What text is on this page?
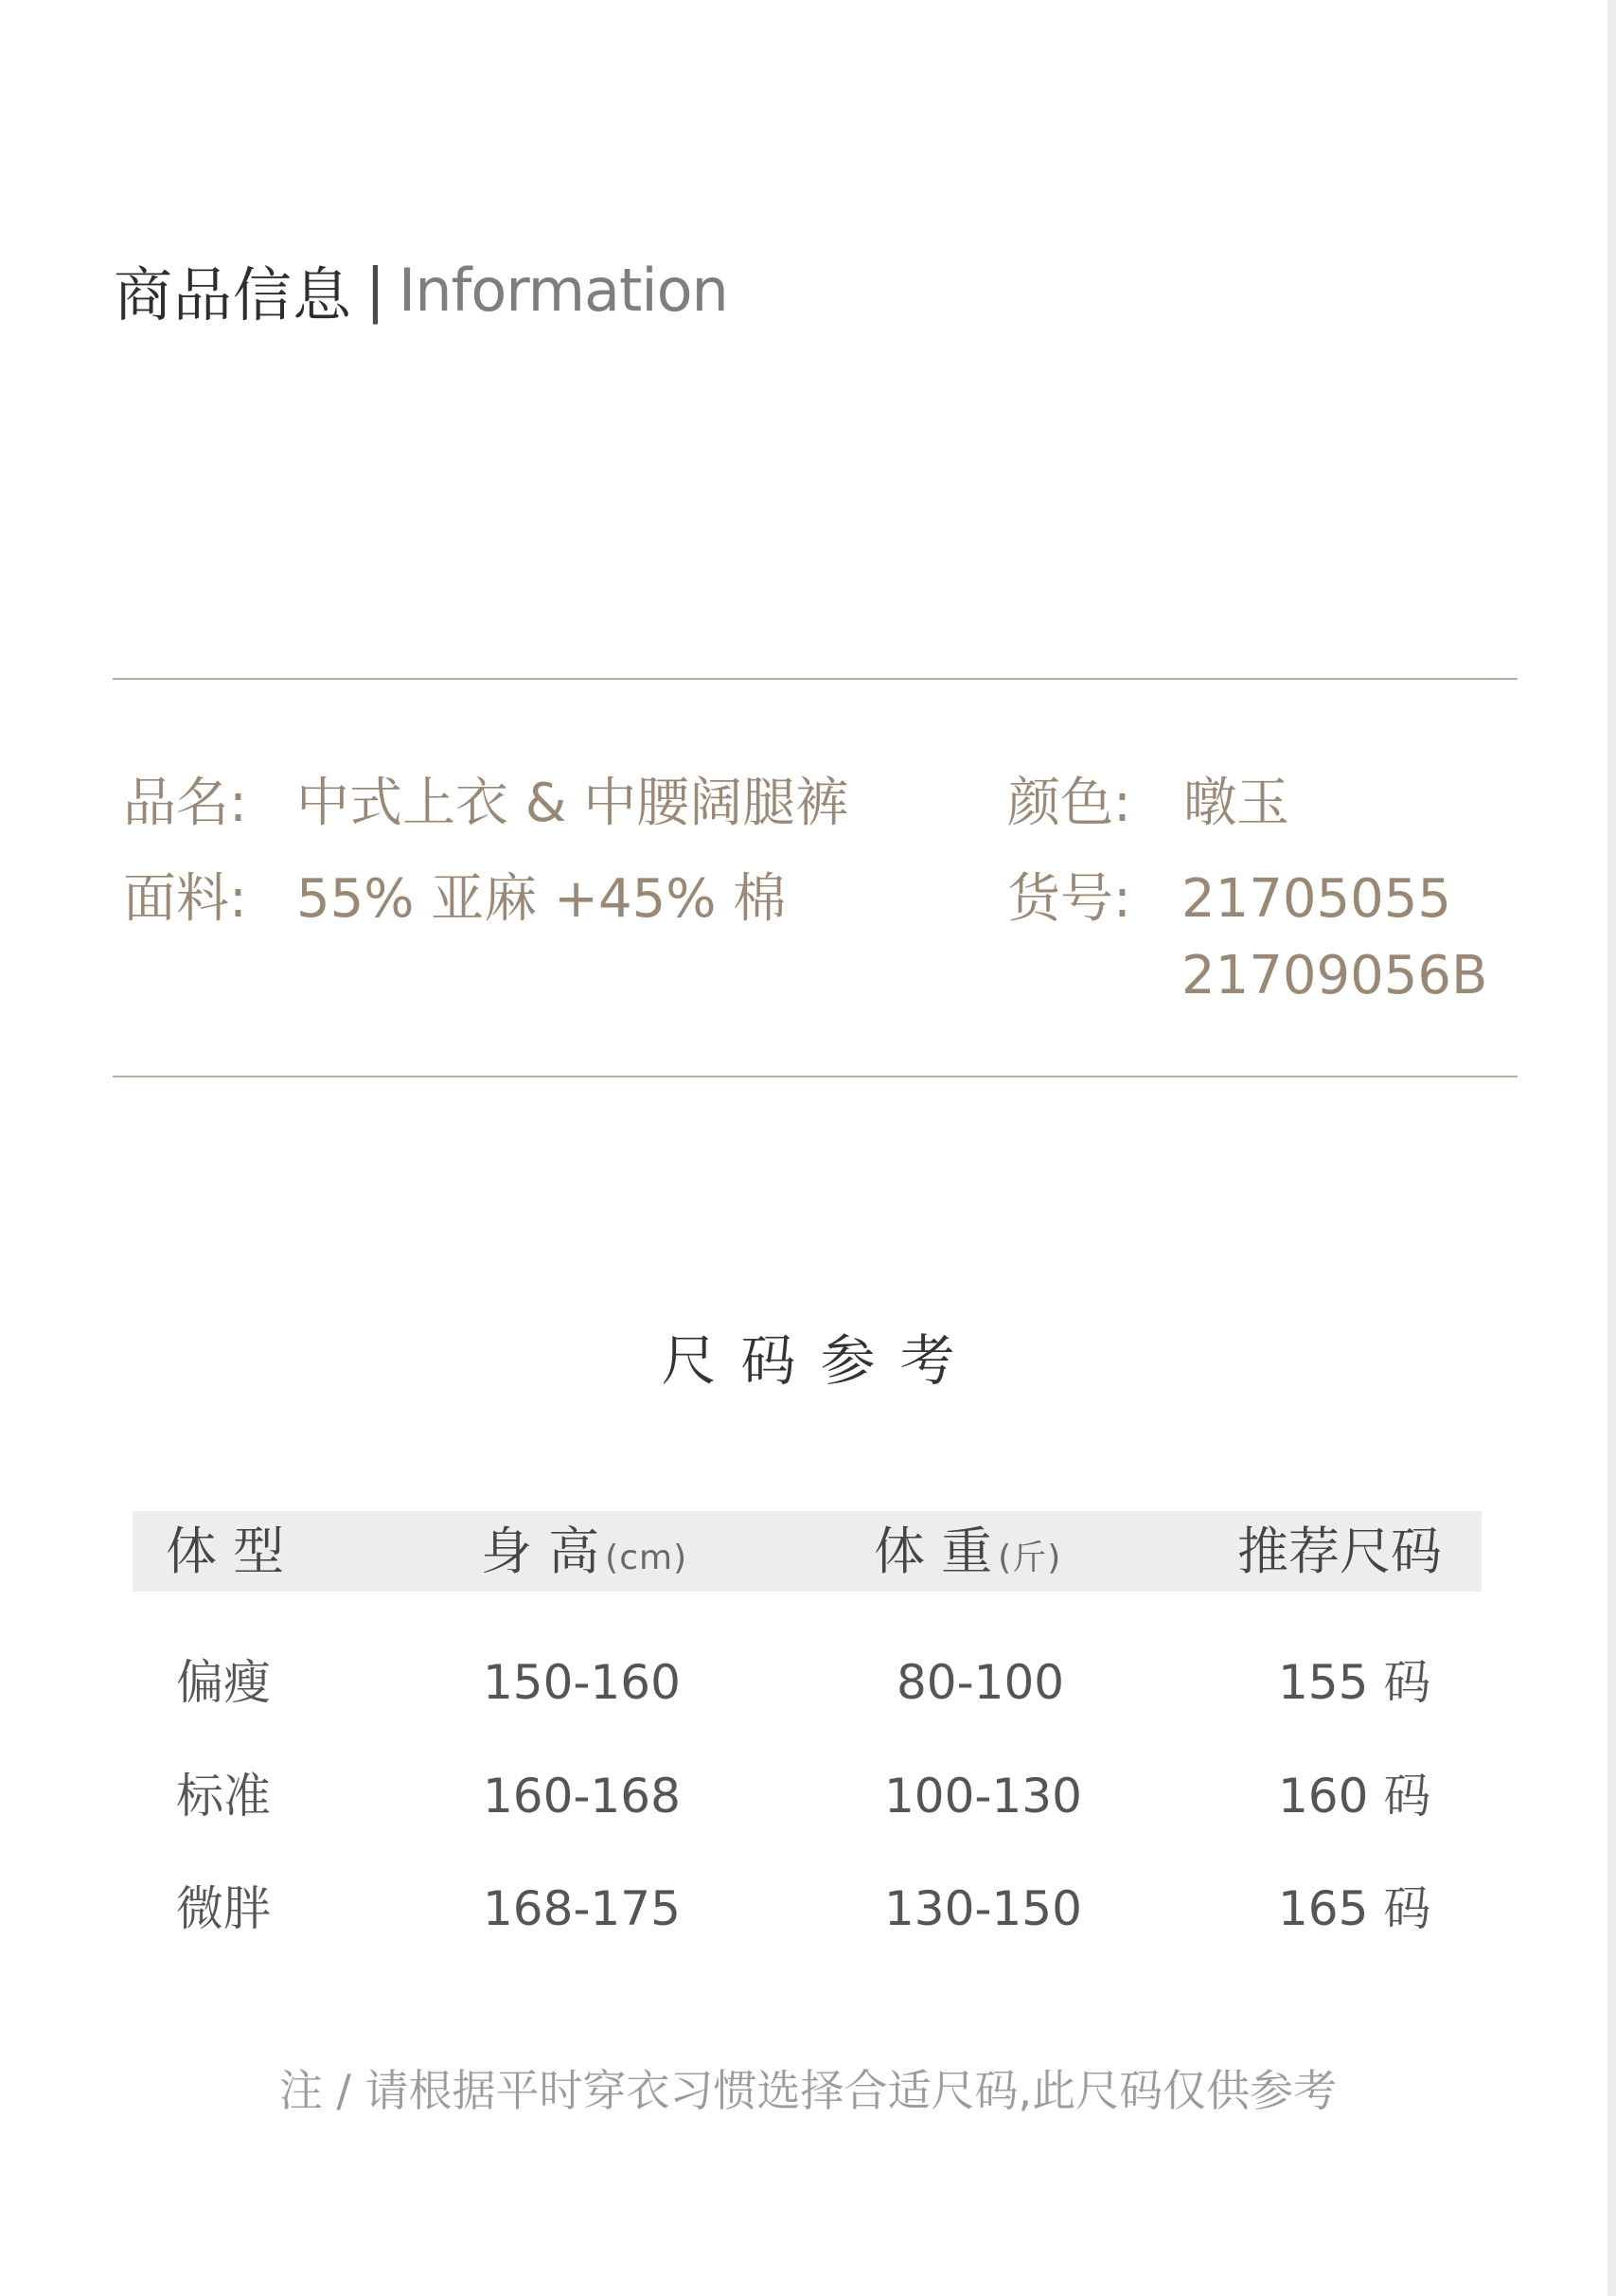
商品信息 | Information
品名: 中式上衣 & 中腰阔腿裤	颜色: 暾玉
面料: 55% 亚麻 +45% 棉	货号: 21705055
21709056B
尺码参考
体 型	身 高 (cm)	体 重 (斤)	推荐尺码
偏瘦	150-160	80-100	155 码
标准	160-168	100-130	160 码
微胖	168-175	130-150	165 码
注 / 请根据平时穿衣习惯选择合适尺码,此尺码仅供参考
